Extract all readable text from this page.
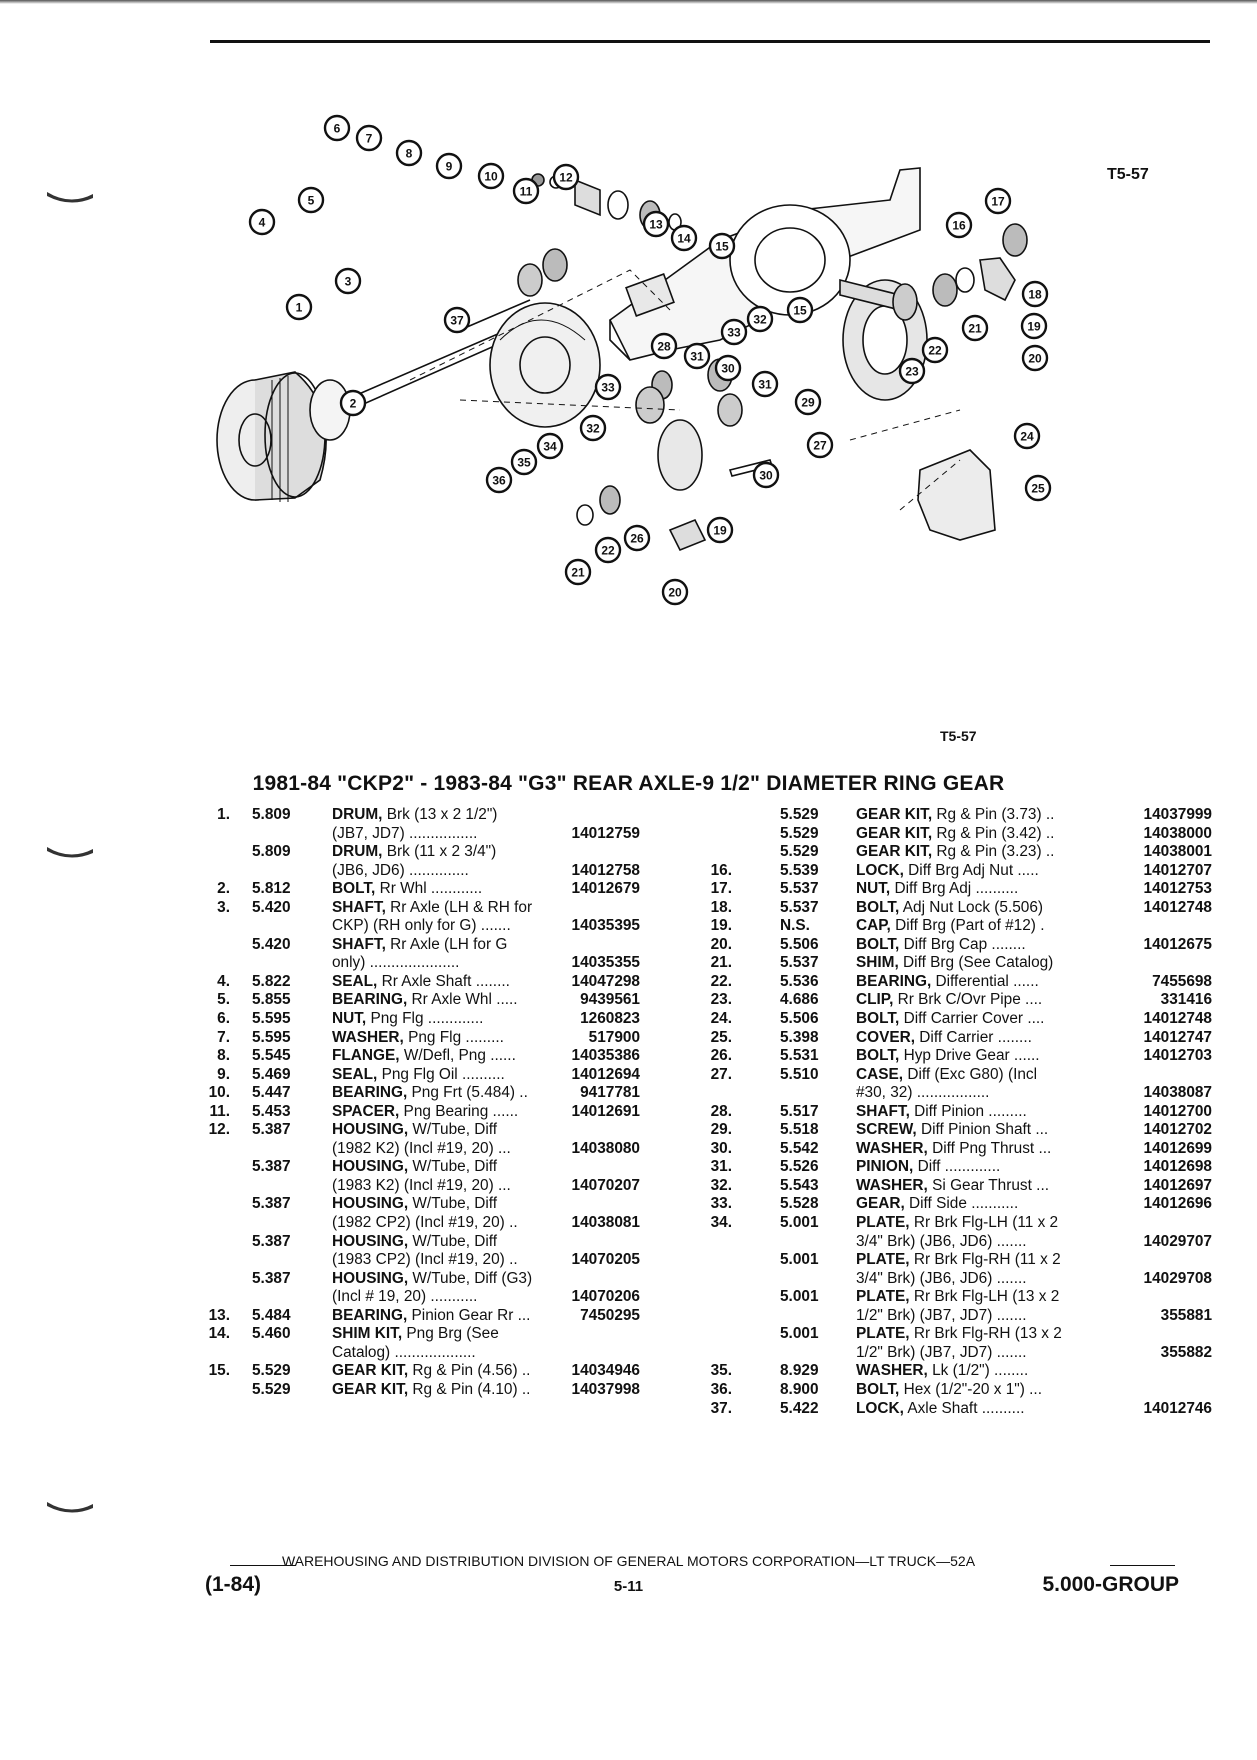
T5-57
1
2
3
4
5
6
7
8
9
10
11
12
13
14
15
15
16
17
18
19
19
20
20
21
21
22
22
23
24
25
26
27
28
29
30
30
31
31
32
32
33
33
34
35
36
37
T5-57
1981-84 "CKP2" - 1983-84 "G3" REAR AXLE-9 1/2" DIAMETER RING GEAR
1. 5.809	DRUM, Brk (13 x 2 1/2")
(JB7, JD7) ................	14012759
5.809	DRUM, Brk (11 x 2 3/4")
(JB6, JD6) ..............	14012758
2. 5.812	BOLT, Rr Whl ............	14012679
3. 5.420	SHAFT, Rr Axle (LH & RH for
CKP) (RH only for G) .......	14035395
5.420	SHAFT, Rr Axle (LH for G
only) .....................	14035355
4. 5.822	SEAL, Rr Axle Shaft ........	14047298
5. 5.855	BEARING, Rr Axle Whl .....	9439561
6. 5.595	NUT, Png Flg .............	1260823
7. 5.595	WASHER, Png Flg .........	517900
8. 5.545	FLANGE, W/Defl, Png ......	14035386
9. 5.469	SEAL, Png Flg Oil ..........	14012694
10. 5.447	BEARING, Png Frt (5.484) ..	9417781
11. 5.453	SPACER, Png Bearing ......	14012691
12. 5.387	HOUSING, W/Tube, Diff
(1982 K2) (Incl #19, 20) ...	14038080
5.387	HOUSING, W/Tube, Diff
(1983 K2) (Incl #19, 20) ...	14070207
5.387	HOUSING, W/Tube, Diff
(1982 CP2) (Incl #19, 20) ..	14038081
5.387	HOUSING, W/Tube, Diff
(1983 CP2) (Incl #19, 20) ..	14070205
5.387	HOUSING, W/Tube, Diff (G3)
(Incl # 19, 20) ...........	14070206
13. 5.484	BEARING, Pinion Gear Rr ...	7450295
14. 5.460	SHIM KIT, Png Brg (See
Catalog) ...................
15. 5.529	GEAR KIT, Rg & Pin (4.56) ..	14034946
5.529	GEAR KIT, Rg & Pin (4.10) ..	14037998
5.529	GEAR KIT, Rg & Pin (3.73) ..	14037999
5.529	GEAR KIT, Rg & Pin (3.42) ..	14038000
5.529	GEAR KIT, Rg & Pin (3.23) ..	14038001
16.	5.539	LOCK, Diff Brg Adj Nut .....	14012707
17.	5.537	NUT, Diff Brg Adj ..........	14012753
18.	5.537	BOLT, Adj Nut Lock (5.506)	14012748
19.	N.S.	CAP, Diff Brg (Part of #12) .
20.	5.506	BOLT, Diff Brg Cap ........	14012675
21.	5.537	SHIM, Diff Brg (See Catalog)
22.	5.536	BEARING, Differential ......	7455698
23.	4.686	CLIP, Rr Brk C/Ovr Pipe ....	331416
24.	5.506	BOLT, Diff Carrier Cover ....	14012748
25.	5.398	COVER, Diff Carrier ........	14012747
26.	5.531	BOLT, Hyp Drive Gear ......	14012703
27.	5.510	CASE, Diff (Exc G80) (Incl
#30, 32) .................	14038087
28.	5.517	SHAFT, Diff Pinion .........	14012700
29.	5.518	SCREW, Diff Pinion Shaft ...	14012702
30.	5.542	WASHER, Diff Png Thrust ...	14012699
31.	5.526	PINION, Diff .............	14012698
32.	5.543	WASHER, Si Gear Thrust ...	14012697
33.	5.528	GEAR, Diff Side ...........	14012696
34.	5.001	PLATE, Rr Brk Flg-LH (11 x 2
3/4" Brk) (JB6, JD6) .......	14029707
5.001	PLATE, Rr Brk Flg-RH (11 x 2
3/4" Brk) (JB6, JD6) .......	14029708
5.001	PLATE, Rr Brk Flg-LH (13 x 2
1/2" Brk) (JB7, JD7) .......	355881
5.001	PLATE, Rr Brk Flg-RH (13 x 2
1/2" Brk) (JB7, JD7) .......	355882
35.	8.929	WASHER, Lk (1/2") ........
36.	8.900	BOLT, Hex (1/2"-20 x 1") ...
37.	5.422	LOCK, Axle Shaft ..........	14012746
WAREHOUSING AND DISTRIBUTION DIVISION OF GENERAL MOTORS CORPORATION—LT TRUCK—52A
(1-84)	5-11	5.000-GROUP
